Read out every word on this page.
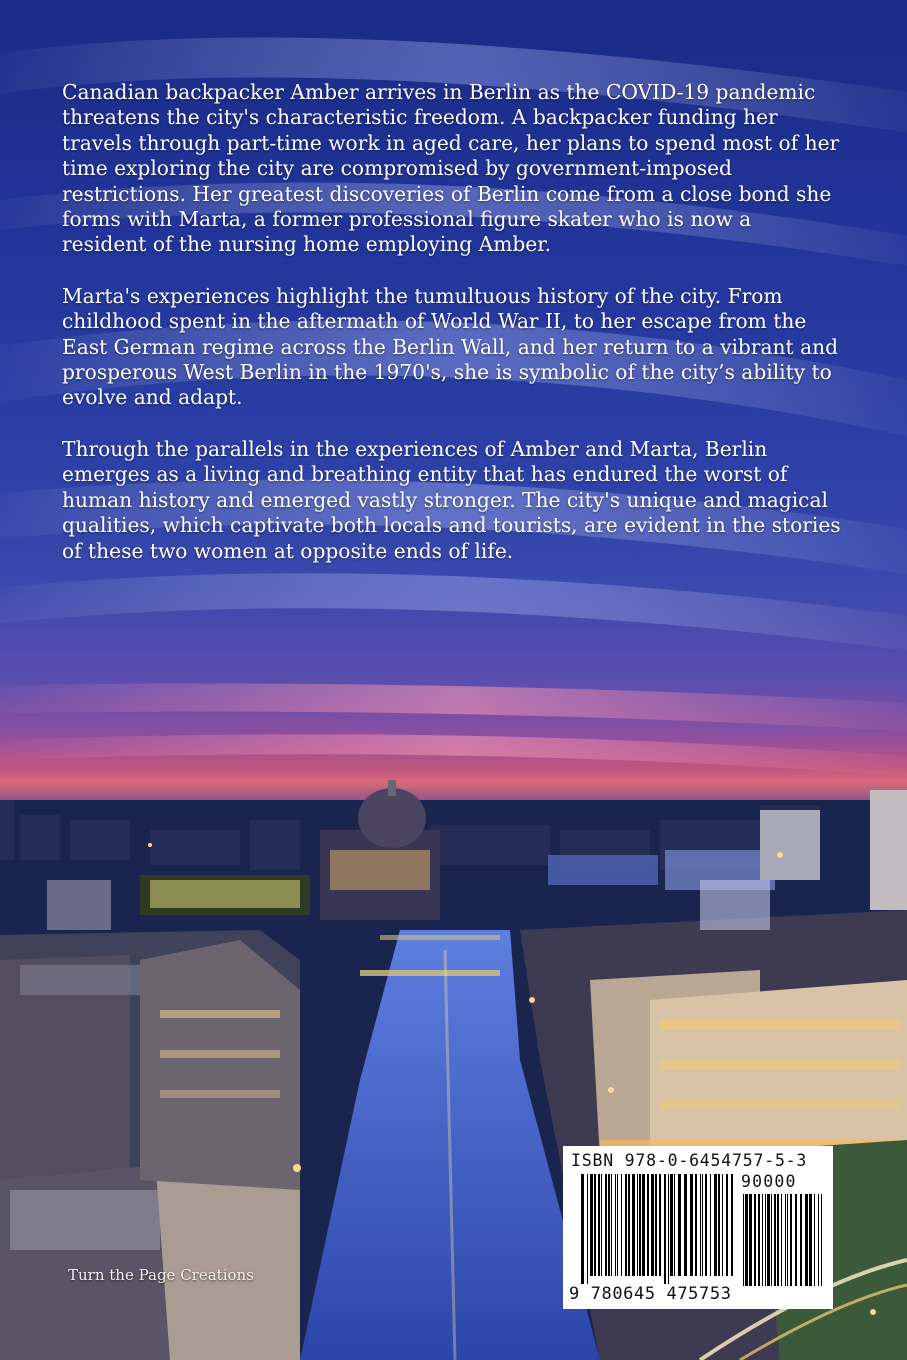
Canadian backpacker Amber arrives in Berlin as the COVID-19 pandemic threatens the city's characteristic freedom. A backpacker funding her travels through part-time work in aged care, her plans to spend most of her time exploring the city are compromised by government-imposed restrictions. Her greatest discoveries of Berlin come from a close bond she forms with Marta, a former professional figure skater who is now a resident of the nursing home employing Amber.

Marta's experiences highlight the tumultuous history of the city. From childhood spent in the aftermath of World War II, to her escape from the East German regime across the Berlin Wall, and her return to a vibrant and prosperous West Berlin in the 1970's, she is symbolic of the city’s ability to evolve and adapt.

Through the parallels in the experiences of Amber and Marta, Berlin emerges as a living and breathing entity that has endured the worst of human history and emerged vastly stronger. The city's unique and magical qualities, which captivate both locals and tourists, are evident in the stories of these two women at opposite ends of life.

Turn the Page Creations
ISBN 978-0-6454757-5-3
90000
9 780645 475753
